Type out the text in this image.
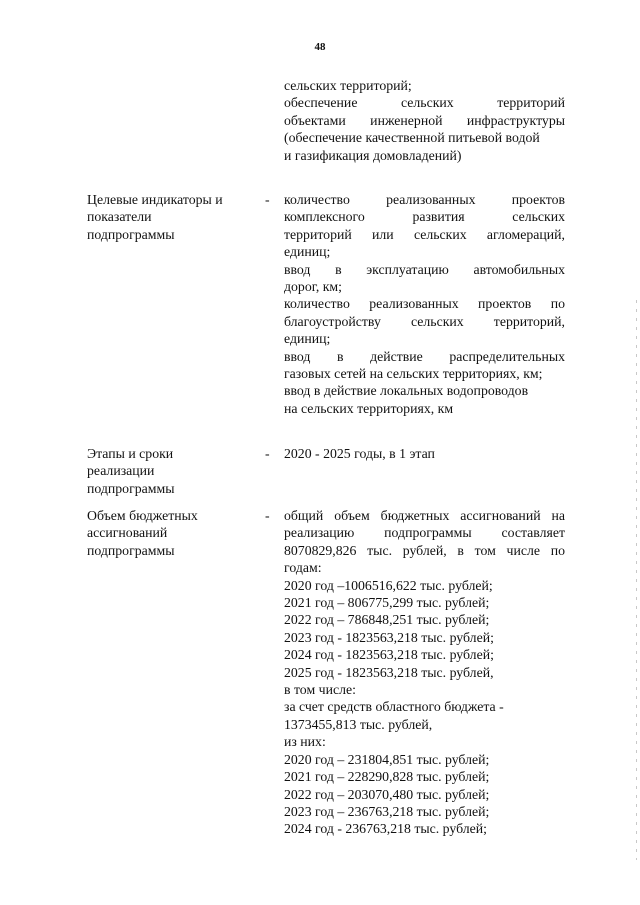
48
сельских территорий;
обеспечение сельских территорий
объектами инженерной инфраструктуры
(обеспечение качественной питьевой водой
и газификация домовладений)
Целевые индикаторы и
показатели
подпрограммы
- количество реализованных проектов
комплексного развития сельских
территорий или сельских агломераций,
единиц;
ввод в эксплуатацию автомобильных
дорог, км;
количество реализованных проектов по
благоустройству сельских территорий,
единиц;
ввод в действие распределительных
газовых сетей на сельских территориях, км;
ввод в действие локальных водопроводов
на сельских территориях, км
Этапы и сроки
реализации
подпрограммы
- 2020 - 2025 годы, в 1 этап
Объем бюджетных
ассигнований
подпрограммы
- общий объем бюджетных ассигнований на
реализацию подпрограммы составляет
8070829,826 тыс. рублей, в том числе по
годам:
2020 год –1006516,622 тыс. рублей;
2021 год – 806775,299 тыс. рублей;
2022 год – 786848,251 тыс. рублей;
2023 год - 1823563,218 тыс. рублей;
2024 год - 1823563,218 тыс. рублей;
2025 год - 1823563,218 тыс. рублей,
в том числе:
за счет средств областного бюджета -
1373455,813 тыс. рублей,
из них:
2020 год – 231804,851 тыс. рублей;
2021 год – 228290,828 тыс. рублей;
2022 год – 203070,480 тыс. рублей;
2023 год – 236763,218 тыс. рублей;
2024 год - 236763,218 тыс. рублей;
